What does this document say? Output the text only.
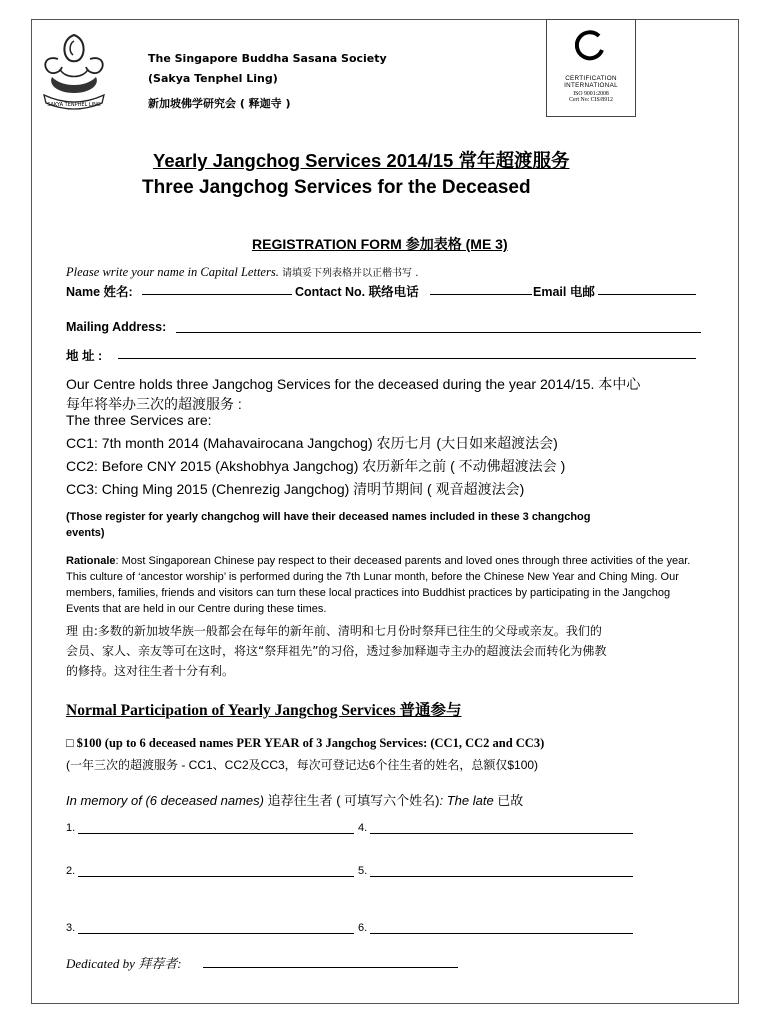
SAKYA TENPHEL LING
The Singapore Buddha Sasana Society
(Sakya Tenphel Ling)
新加坡佛学研究会 ( 释迦寺 )
CERTIFICATION
INTERNATIONAL
ISO 9001:2008
Cert No: CIS/8912
Yearly Jangchog Services 2014/15 常年超渡服务
Three Jangchog Services for the Deceased
REGISTRATION FORM 参加表格 (ME 3)
Please write your name in Capital Letters. 请填妥下列表格并以正楷书写 .
Name 姓名:	Contact No. 联络电话	Email 电邮
Mailing Address:
地 址 :
Our Centre holds three Jangchog Services for the deceased during the year 2014/15. 本中心
每年将举办三次的超渡服务 :
The three Services are:
CC1: 7th month 2014 (Mahavairocana Jangchog) 农历七月 (大日如来超渡法会)
CC2: Before CNY 2015 (Akshobhya Jangchog) 农历新年之前 ( 不动佛超渡法会 )
CC3: Ching Ming 2015 (Chenrezig Jangchog) 清明节期间 ( 观音超渡法会)
(Those register for yearly changchog will have their deceased names included in these 3 changchog
events)
Rationale: Most Singaporean Chinese pay respect to their deceased parents and loved ones through three activities of the year. This culture of ‘ancestor worship’ is performed during the 7th Lunar month, before the Chinese New Year and Ching Ming. Our members, families, friends and visitors can turn these local practices into Buddhist practices by participating in the Jangchog Events that are held in our Centre during these times.
理 由:多数的新加坡华族一般都会在每年的新年前、清明和七月份时祭拜已往生的父母或亲友。我们的
会员、家人、亲友等可在这时，将这“祭拜祖先”的习俗，透过参加释迦寺主办的超渡法会而转化为佛教
的修持。这对往生者十分有利。
Normal Participation of Yearly Jangchog Services 普通参与
□ $100 (up to 6 deceased names PER YEAR of 3 Jangchog Services: (CC1, CC2 and CC3)
(一年三次的超渡服务 - CC1、CC2及CC3，每次可登记达6个往生者的姓名，总额仅$100)
In memory of (6 deceased names) 追荐往生者 ( 可填写六个姓名): The late 已故
1.	4.
2.	5.
3.	6.
Dedicated by 拜荐者:
